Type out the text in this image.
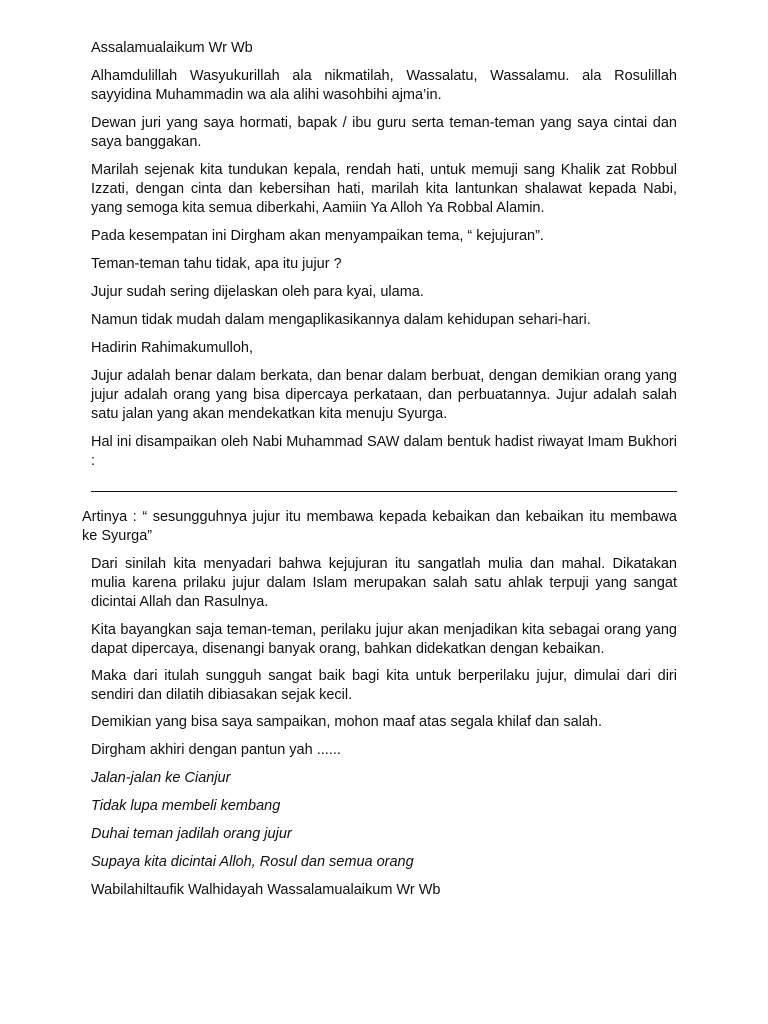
Assalamualaikum Wr Wb

Alhamdulillah Wasyukurillah ala nikmatilah, Wassalatu, Wassalamu. ala Rosulillah sayyidina Muhammadin wa ala alihi wasohbihi ajma’in.

Dewan juri yang saya hormati, bapak / ibu guru serta teman-teman yang saya cintai dan saya banggakan.

Marilah sejenak kita tundukan kepala, rendah hati, untuk memuji sang Khalik zat Robbul Izzati, dengan cinta dan kebersihan hati, marilah kita lantunkan shalawat kepada Nabi, yang semoga kita semua diberkahi, Aamiin Ya Alloh Ya Robbal Alamin.

Pada kesempatan ini Dirgham akan menyampaikan tema, “ kejujuran”.

Teman-teman tahu tidak, apa itu jujur ?

Jujur sudah sering dijelaskan oleh para kyai, ulama.

Namun tidak mudah dalam mengaplikasikannya dalam kehidupan sehari-hari.

Hadirin Rahimakumulloh,

Jujur adalah benar dalam berkata, dan benar dalam berbuat, dengan demikian orang yang jujur adalah orang yang bisa dipercaya perkataan, dan perbuatannya. Jujur adalah salah satu jalan yang akan mendekatkan kita menuju Syurga.

Hal ini disampaikan oleh Nabi Muhammad SAW dalam bentuk hadist riwayat Imam Bukhori :

Artinya : “ sesungguhnya jujur itu membawa kepada kebaikan dan kebaikan itu membawa ke Syurga”

Dari sinilah kita menyadari bahwa kejujuran itu sangatlah mulia dan mahal. Dikatakan mulia karena prilaku jujur dalam Islam merupakan salah satu ahlak terpuji yang sangat dicintai Allah dan Rasulnya.

Kita bayangkan saja teman-teman, perilaku jujur akan menjadikan kita sebagai orang yang dapat dipercaya, disenangi banyak orang, bahkan didekatkan dengan kebaikan.

Maka dari itulah sungguh sangat baik bagi kita untuk berperilaku jujur, dimulai dari diri sendiri dan dilatih dibiasakan sejak kecil.

Demikian yang bisa saya sampaikan, mohon maaf atas segala khilaf dan salah.

Dirgham akhiri dengan pantun yah ......

Jalan-jalan ke Cianjur

Tidak lupa membeli kembang

Duhai teman jadilah orang jujur

Supaya kita dicintai Alloh, Rosul dan semua orang

Wabilahiltaufik Walhidayah Wassalamualaikum Wr Wb
